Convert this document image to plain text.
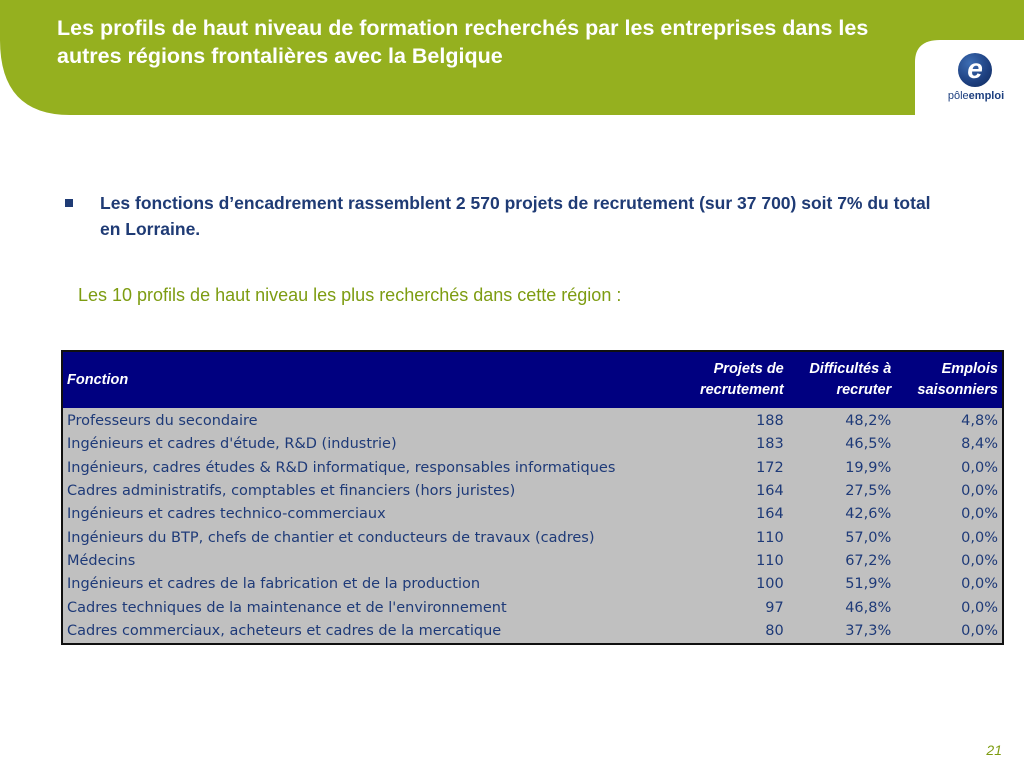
Les profils de haut niveau de formation recherchés par les entreprises dans les autres régions frontalières avec la Belgique	e
pôleemploi
Les fonctions d’encadrement rassemblent 2 570 projets de recrutement (sur 37 700) soit 7% du total en Lorraine.
Les 10 profils de haut niveau les plus recherchés dans cette région :
Fonction	Projets de recrutement	Difficultés à recruter	Emplois saisonniers
Professeurs du secondaire	188	48,2%	4,8%
Ingénieurs et cadres d'étude, R&D (industrie)	183	46,5%	8,4%
Ingénieurs, cadres études & R&D informatique, responsables informatiques	172	19,9%	0,0%
Cadres administratifs, comptables et financiers (hors juristes)	164	27,5%	0,0%
Ingénieurs et cadres technico-commerciaux	164	42,6%	0,0%
Ingénieurs du BTP, chefs de chantier et conducteurs de travaux (cadres)	110	57,0%	0,0%
Médecins	110	67,2%	0,0%
Ingénieurs et cadres de la fabrication et de la production	100	51,9%	0,0%
Cadres techniques de la maintenance et de l'environnement	97	46,8%	0,0%
Cadres commerciaux, acheteurs et cadres de la mercatique	80	37,3%	0,0%
21
